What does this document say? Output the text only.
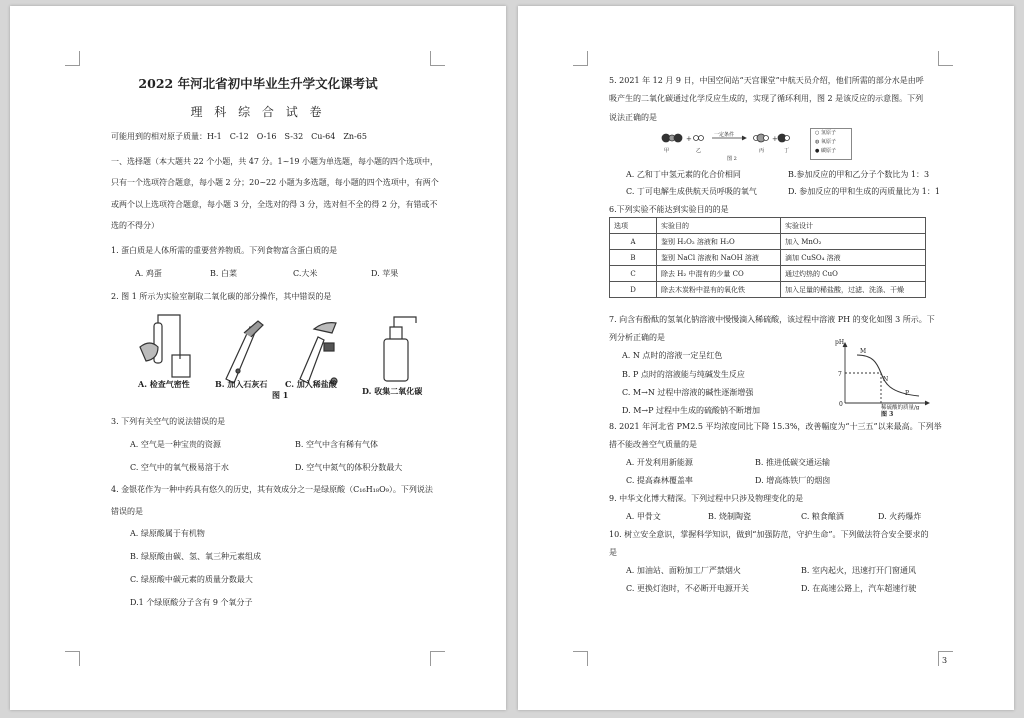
2022 年河北省初中毕业生升学文化课考试
理 科 综 合 试 卷
可能用到的相对原子质量：H-1　C-12　O-16　S-32　Cu-64　Zn-65
一、选择题（本大题共 22 个小题，共 47 分。1~19 小题为单选题，每小题的四个选项中，
只有一个选项符合题意，每小题 2 分；20~22 小题为多选题，每小题的四个选项中，有两个
或两个以上选项符合题意，每小题 3 分，全选对的得 3 分，选对但不全的得 2 分，有错或不
选的不得分）
1. 蛋白质是人体所需的重要营养物质。下列食物富含蛋白质的是
A. 鸡蛋	B. 白菜	C.大米	D. 苹果
2. 图 1 所示为实验室制取二氧化碳的部分操作，其中错误的是
A. 检查气密性	B. 加入石灰石 C. 加入稀盐酸
D. 收集二氧化碳
图 1
3. 下列有关空气的说法错误的是
A. 空气是一种宝贵的资源	B. 空气中含有稀有气体
C. 空气中的氧气极易溶于水	D. 空气中氮气的体积分数最大
4. 金银花作为一种中药具有悠久的历史，其有效成分之一是绿原酸（C₁₆H₁₈O₉）。下列说法
错误的是
A. 绿原酸属于有机物
B. 绿原酸由碳、氢、氧三种元素组成
C. 绿原酸中碳元素的质量分数最大
D.1 个绿原酸分子含有 9 个氧分子
5. 2021 年 12 月 9 日，中国空间站“天宫课堂”中航天员介绍，他们所需的部分水是由呼
吸产生的二氧化碳通过化学反应生成的，实现了循环利用，图 2 是该反应的示意图。下列
说法正确的是
+	+
甲	乙	丙	丁
一定条件
图 2
○ 氢原子
◍ 氧原子
● 碳原子
A. 乙和丁中氢元素的化合价相同	B.参加反应的甲和乙分子个数比为 1：3
C. 丁可电解生成供航天员呼吸的氧气	D. 参加反应的甲和生成的丙质量比为 1：1
6.下列实验不能达到实验目的的是
选项	实验目的	实验设计
A	鉴别 H₂O₂ 溶液和 H₂O	加入 MnO₂
B	鉴别 NaCl 溶液和 NaOH 溶液	滴加 CuSO₄ 溶液
C	除去 H₂ 中混有的少量 CO	通过灼热的 CuO
D	除去木炭粉中混有的氧化铁	加入足量的稀盐酸，过滤、洗涤、干燥
7. 向含有酚酞的氢氧化钠溶液中慢慢滴入稀硫酸，该过程中溶液 PH 的变化如图 3 所示。下
列分析正确的是
A. N 点时的溶液一定呈红色
B. P 点时的溶液能与纯碱发生反应
C. M→N 过程中溶液的碱性逐渐增强
D. M→P 过程中生成的硫酸钠不断增加
pH
M
N
P
7
0	稀硫酸的质量/g
图 3
8. 2021 年河北省 PM2.5 平均浓度同比下降 15.3%，改善幅度为“十三五”以来最高。下列举
措不能改善空气质量的是
A. 开发利用新能源	B. 推进低碳交通运输
C. 提高森林覆盖率	D. 增高炼铁厂的烟囱
9. 中华文化博大精深。下列过程中只涉及物理变化的是
A. 甲骨文	B. 烧制陶瓷	C. 粮食酿酒	D. 火药爆炸
10. 树立安全意识，掌握科学知识，做到“加强防范，守护生命”。下列做法符合安全要求的
是
A. 加油站、面粉加工厂严禁烟火	B. 室内起火，迅速打开门窗通风
C. 更换灯泡时，不必断开电源开关	D. 在高速公路上，汽车超速行驶
3
